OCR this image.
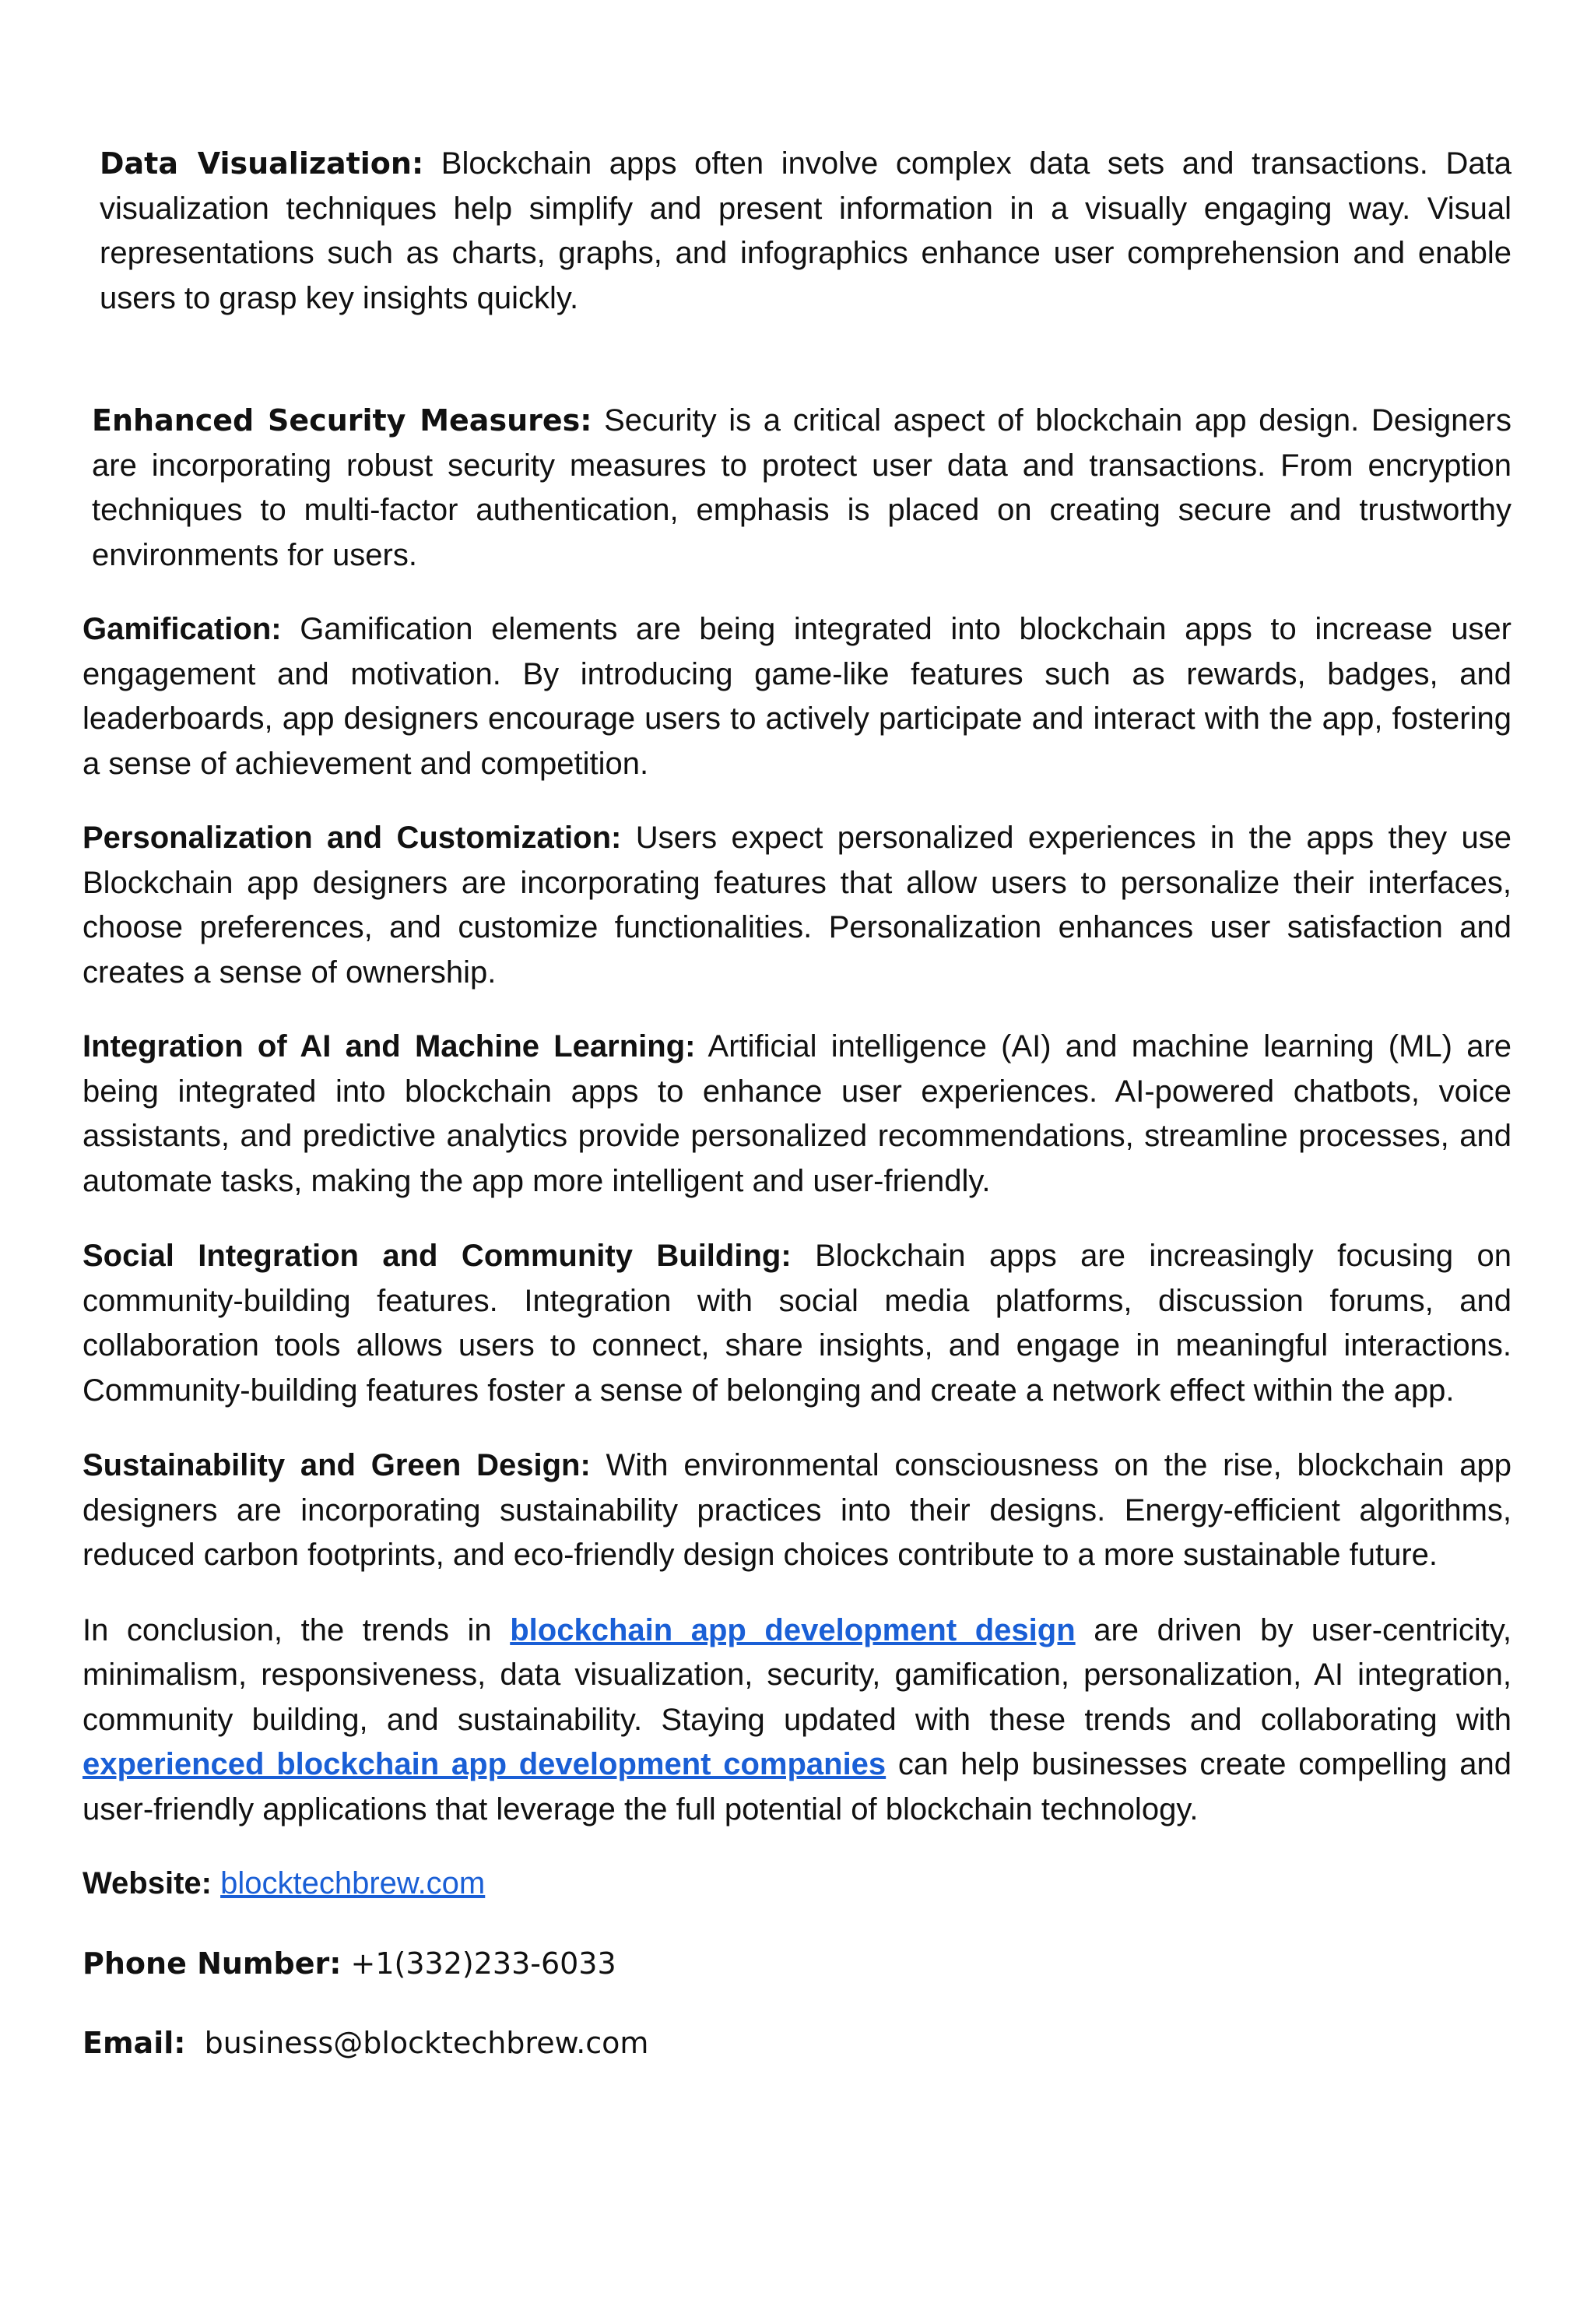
Data Visualization: Blockchain apps often involve complex data sets and transactions. Data visualization techniques help simplify and present information in a visually engaging way. Visual representations such as charts, graphs, and infographics enhance user comprehension and enable users to grasp key insights quickly.

Enhanced Security Measures: Security is a critical aspect of blockchain app design. Designers are incorporating robust security measures to protect user data and transactions. From encryption techniques to multi-factor authentication, emphasis is placed on creating secure and trustworthy environments for users.

Gamification: Gamification elements are being integrated into blockchain apps to increase user engagement and motivation. By introducing game-like features such as rewards, badges, and leaderboards, app designers encourage users to actively participate and interact with the app, fostering a sense of achievement and competition.

Personalization and Customization: Users expect personalized experiences in the apps they use Blockchain app designers are incorporating features that allow users to personalize their interfaces, choose preferences, and customize functionalities. Personalization enhances user satisfaction and creates a sense of ownership.

Integration of AI and Machine Learning: Artificial intelligence (AI) and machine learning (ML) are being integrated into blockchain apps to enhance user experiences. AI-powered chatbots, voice assistants, and predictive analytics provide personalized recommendations, streamline processes, and automate tasks, making the app more intelligent and user-friendly.

Social Integration and Community Building: Blockchain apps are increasingly focusing on community-building features. Integration with social media platforms, discussion forums, and collaboration tools allows users to connect, share insights, and engage in meaningful interactions. Community-building features foster a sense of belonging and create a network effect within the app.

Sustainability and Green Design: With environmental consciousness on the rise, blockchain app designers are incorporating sustainability practices into their designs. Energy-efficient algorithms, reduced carbon footprints, and eco-friendly design choices contribute to a more sustainable future.

In conclusion, the trends in blockchain app development design are driven by user-centricity, minimalism, responsiveness, data visualization, security, gamification, personalization, AI integration, community building, and sustainability. Staying updated with these trends and collaborating with experienced blockchain app development companies can help businesses create compelling and user-friendly applications that leverage the full potential of blockchain technology.

Website: blocktechbrew.com

Phone Number: +1(332)233-6033

Email:  business@blocktechbrew.com
